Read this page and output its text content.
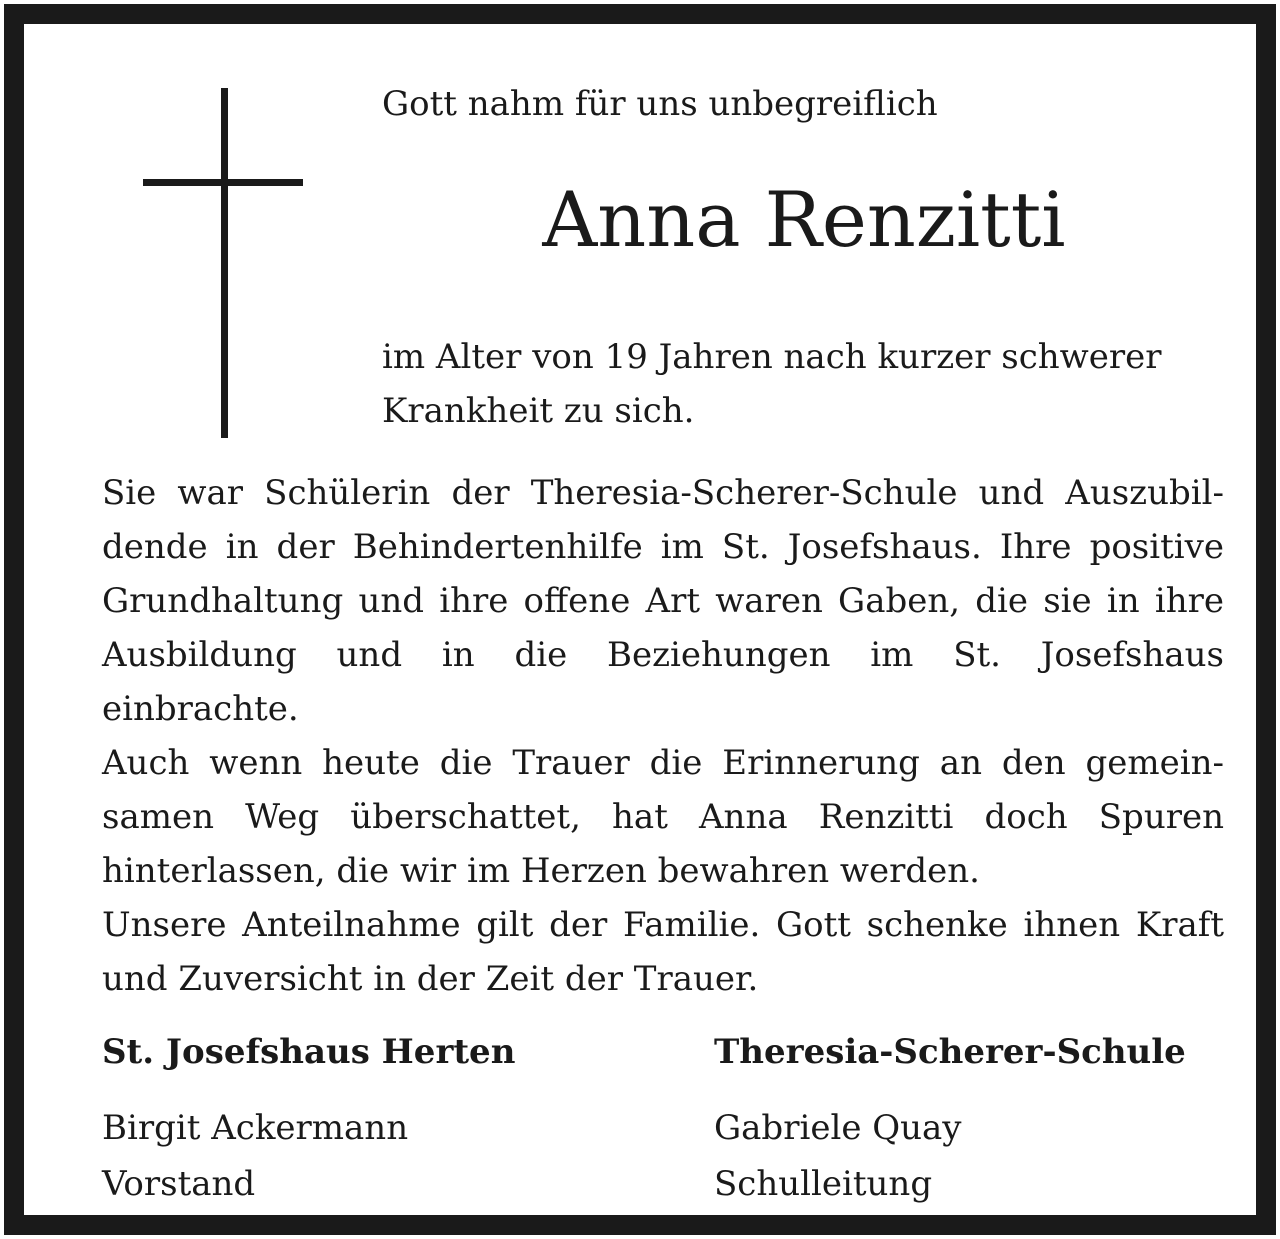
Gott nahm für uns unbegreiflich
Anna Renzitti
im Alter von 19 Jahren nach kurzer schwerer
Krankheit zu sich.

Sie war Schülerin der Theresia-Scherer-Schule und Auszubildende in der Behindertenhilfe im St. Josefshaus. Ihre positive Grundhaltung und ihre offene Art waren Gaben, die sie in ihre Ausbildung und in die Beziehungen im St. Josefshaus einbrachte.

Auch wenn heute die Trauer die Erinnerung an den gemeinsamen Weg überschattet, hat Anna Renzitti doch Spuren hinterlassen, die wir im Herzen bewahren werden.

Unsere Anteilnahme gilt der Familie. Gott schenke ihnen Kraft und Zuversicht in der Zeit der Trauer.

St. Josefshaus Herten
Birgit Ackermann
Vorstand
Theresia-Scherer-Schule
Gabriele Quay
Schulleitung
